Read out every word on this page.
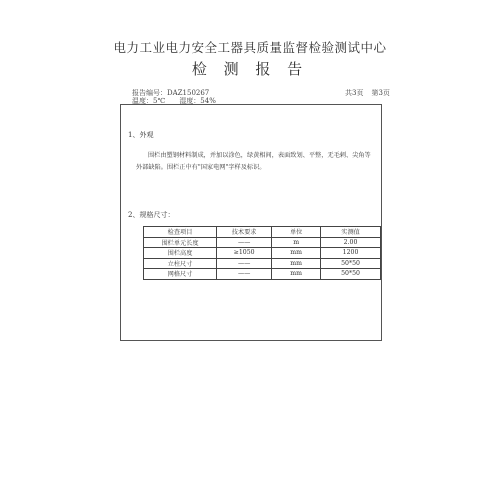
电力工业电力安全工器具质量监督检验测试中心
检 测 报 告
报告编号：DAZ150267	共3页 第3页
温度：5℃ 湿度：54%
1、外观
围栏由塑钢材料制成，并加以涂色，绿黄相间，表面致划、平整，无毛刺、尖角等外部缺陷。围栏正中有"国家电网"字样及标识。
2、规格尺寸：
检查项目	技术要求	单位	实测值
围栏单元长度	——	m	2.00
围栏高度	≥1050	mm	1200
立柱尺寸	——	mm	50*50
网格尺寸	——	mm	50*50
